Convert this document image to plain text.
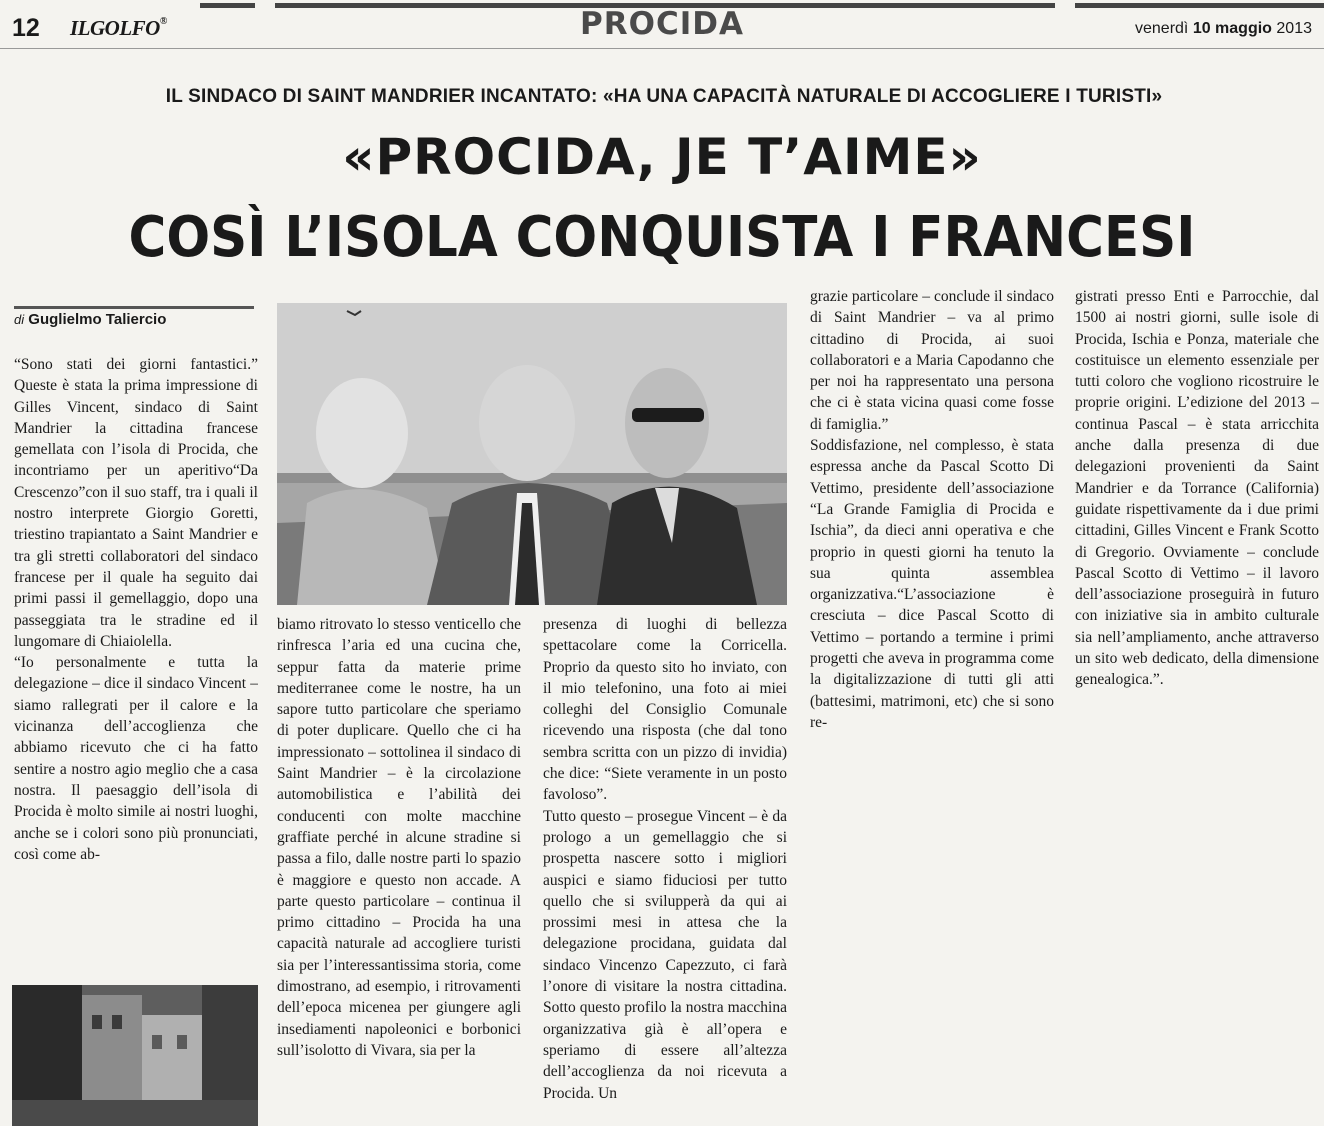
12 ILGOLFO®	PROCIDA	venerdì 10 maggio 2013
IL SINDACO DI SAINT MANDRIER INCANTATO: «HA UNA CAPACITÀ NATURALE DI ACCOGLIERE I TURISTI»
«PROCIDA, JE T’AIME»
COSÌ L’ISOLA CONQUISTA I FRANCESI
di Guglielmo Taliercio

“Sono stati dei giorni fantastici.” Queste è stata la prima impressione di Gilles Vincent, sindaco di Saint Mandrier la cittadina francese gemellata con l’isola di Procida, che incontriamo per un aperitivo“Da Crescenzo”con il suo staff, tra i quali il nostro interprete Giorgio Goretti, triestino trapiantato a Saint Mandrier e tra gli stretti collaboratori del sindaco francese per il quale ha seguito dai primi passi il gemellaggio, dopo una passeggiata tra le stradine ed il lungomare di Chiaiolella.

“Io personalmente e tutta la delegazione – dice il sindaco Vincent – siamo rallegrati per il calore e la vicinanza dell’accoglienza che abbiamo ricevuto che ci ha fatto sentire a nostro agio meglio che a casa nostra. Il paesaggio dell’isola di Procida è molto simile ai nostri luoghi, anche se i colori sono più pronunciati, così come ab-

biamo ritrovato lo stesso venticello che rinfresca l’aria ed una cucina che, seppur fatta da materie prime mediterranee come le nostre, ha un sapore tutto particolare che speriamo di poter duplicare. Quello che ci ha impressionato – sottolinea il sindaco di Saint Mandrier – è la circolazione automobilistica e l’abilità dei conducenti con molte macchine graffiate perché in alcune stradine si passa a filo, dalle nostre parti lo spazio è maggiore e questo non accade. A parte questo particolare – continua il primo cittadino – Procida ha una capacità naturale ad accogliere turisti sia per l’interessantissima storia, come dimostrano, ad esempio, i ritrovamenti dell’epoca micenea per giungere agli insediamenti napoleonici e borbonici sull’isolotto di Vivara, sia per la

presenza di luoghi di bellezza spettacolare come la Corricella. Proprio da questo sito ho inviato, con il mio telefonino, una foto ai miei colleghi del Consiglio Comunale ricevendo una risposta (che dal tono sembra scritta con un pizzo di invidia) che dice: “Siete veramente in un posto favoloso”.

Tutto questo – prosegue Vincent – è da prologo a un gemellaggio che si prospetta nascere sotto i migliori auspici e siamo fiduciosi per tutto quello che si svilupperà da qui ai prossimi mesi in attesa che la delegazione procidana, guidata dal sindaco Vincenzo Capezzuto, ci farà l’onore di visitare la nostra cittadina. Sotto questo profilo la nostra macchina organizzativa già è all’opera e speriamo di essere all’altezza dell’accoglienza da noi ricevuta a Procida. Un

grazie particolare – conclude il sindaco di Saint Mandrier – va al primo cittadino di Procida, ai suoi collaboratori e a Maria Capodanno che per noi ha rappresentato una persona che ci è stata vicina quasi come fosse di famiglia.”

Soddisfazione, nel complesso, è stata espressa anche da Pascal Scotto Di Vettimo, presidente dell’associazione “La Grande Famiglia di Procida e Ischia”, da dieci anni operativa e che proprio in questi giorni ha tenuto la sua quinta assemblea organizzativa.“L’associazione è cresciuta – dice Pascal Scotto di Vettimo – portando a termine i primi progetti che aveva in programma come la digitalizzazione di tutti gli atti (battesimi, matrimoni, etc) che si sono re-

gistrati presso Enti e Parrocchie, dal 1500 ai nostri giorni, sulle isole di Procida, Ischia e Ponza, materiale che costituisce un elemento essenziale per tutti coloro che vogliono ricostruire le proprie origini. L’edizione del 2013 – continua Pascal – è stata arricchita anche dalla presenza di due delegazioni provenienti da Saint Mandrier e da Torrance (California) guidate rispettivamente da i due primi cittadini, Gilles Vincent e Frank Scotto di Gregorio. Ovviamente – conclude Pascal Scotto di Vettimo – il lavoro dell’associazione proseguirà in futuro con iniziative sia in ambito culturale sia nell’ampliamento, anche attraverso un sito web dedicato, della dimensione genealogica.”.
